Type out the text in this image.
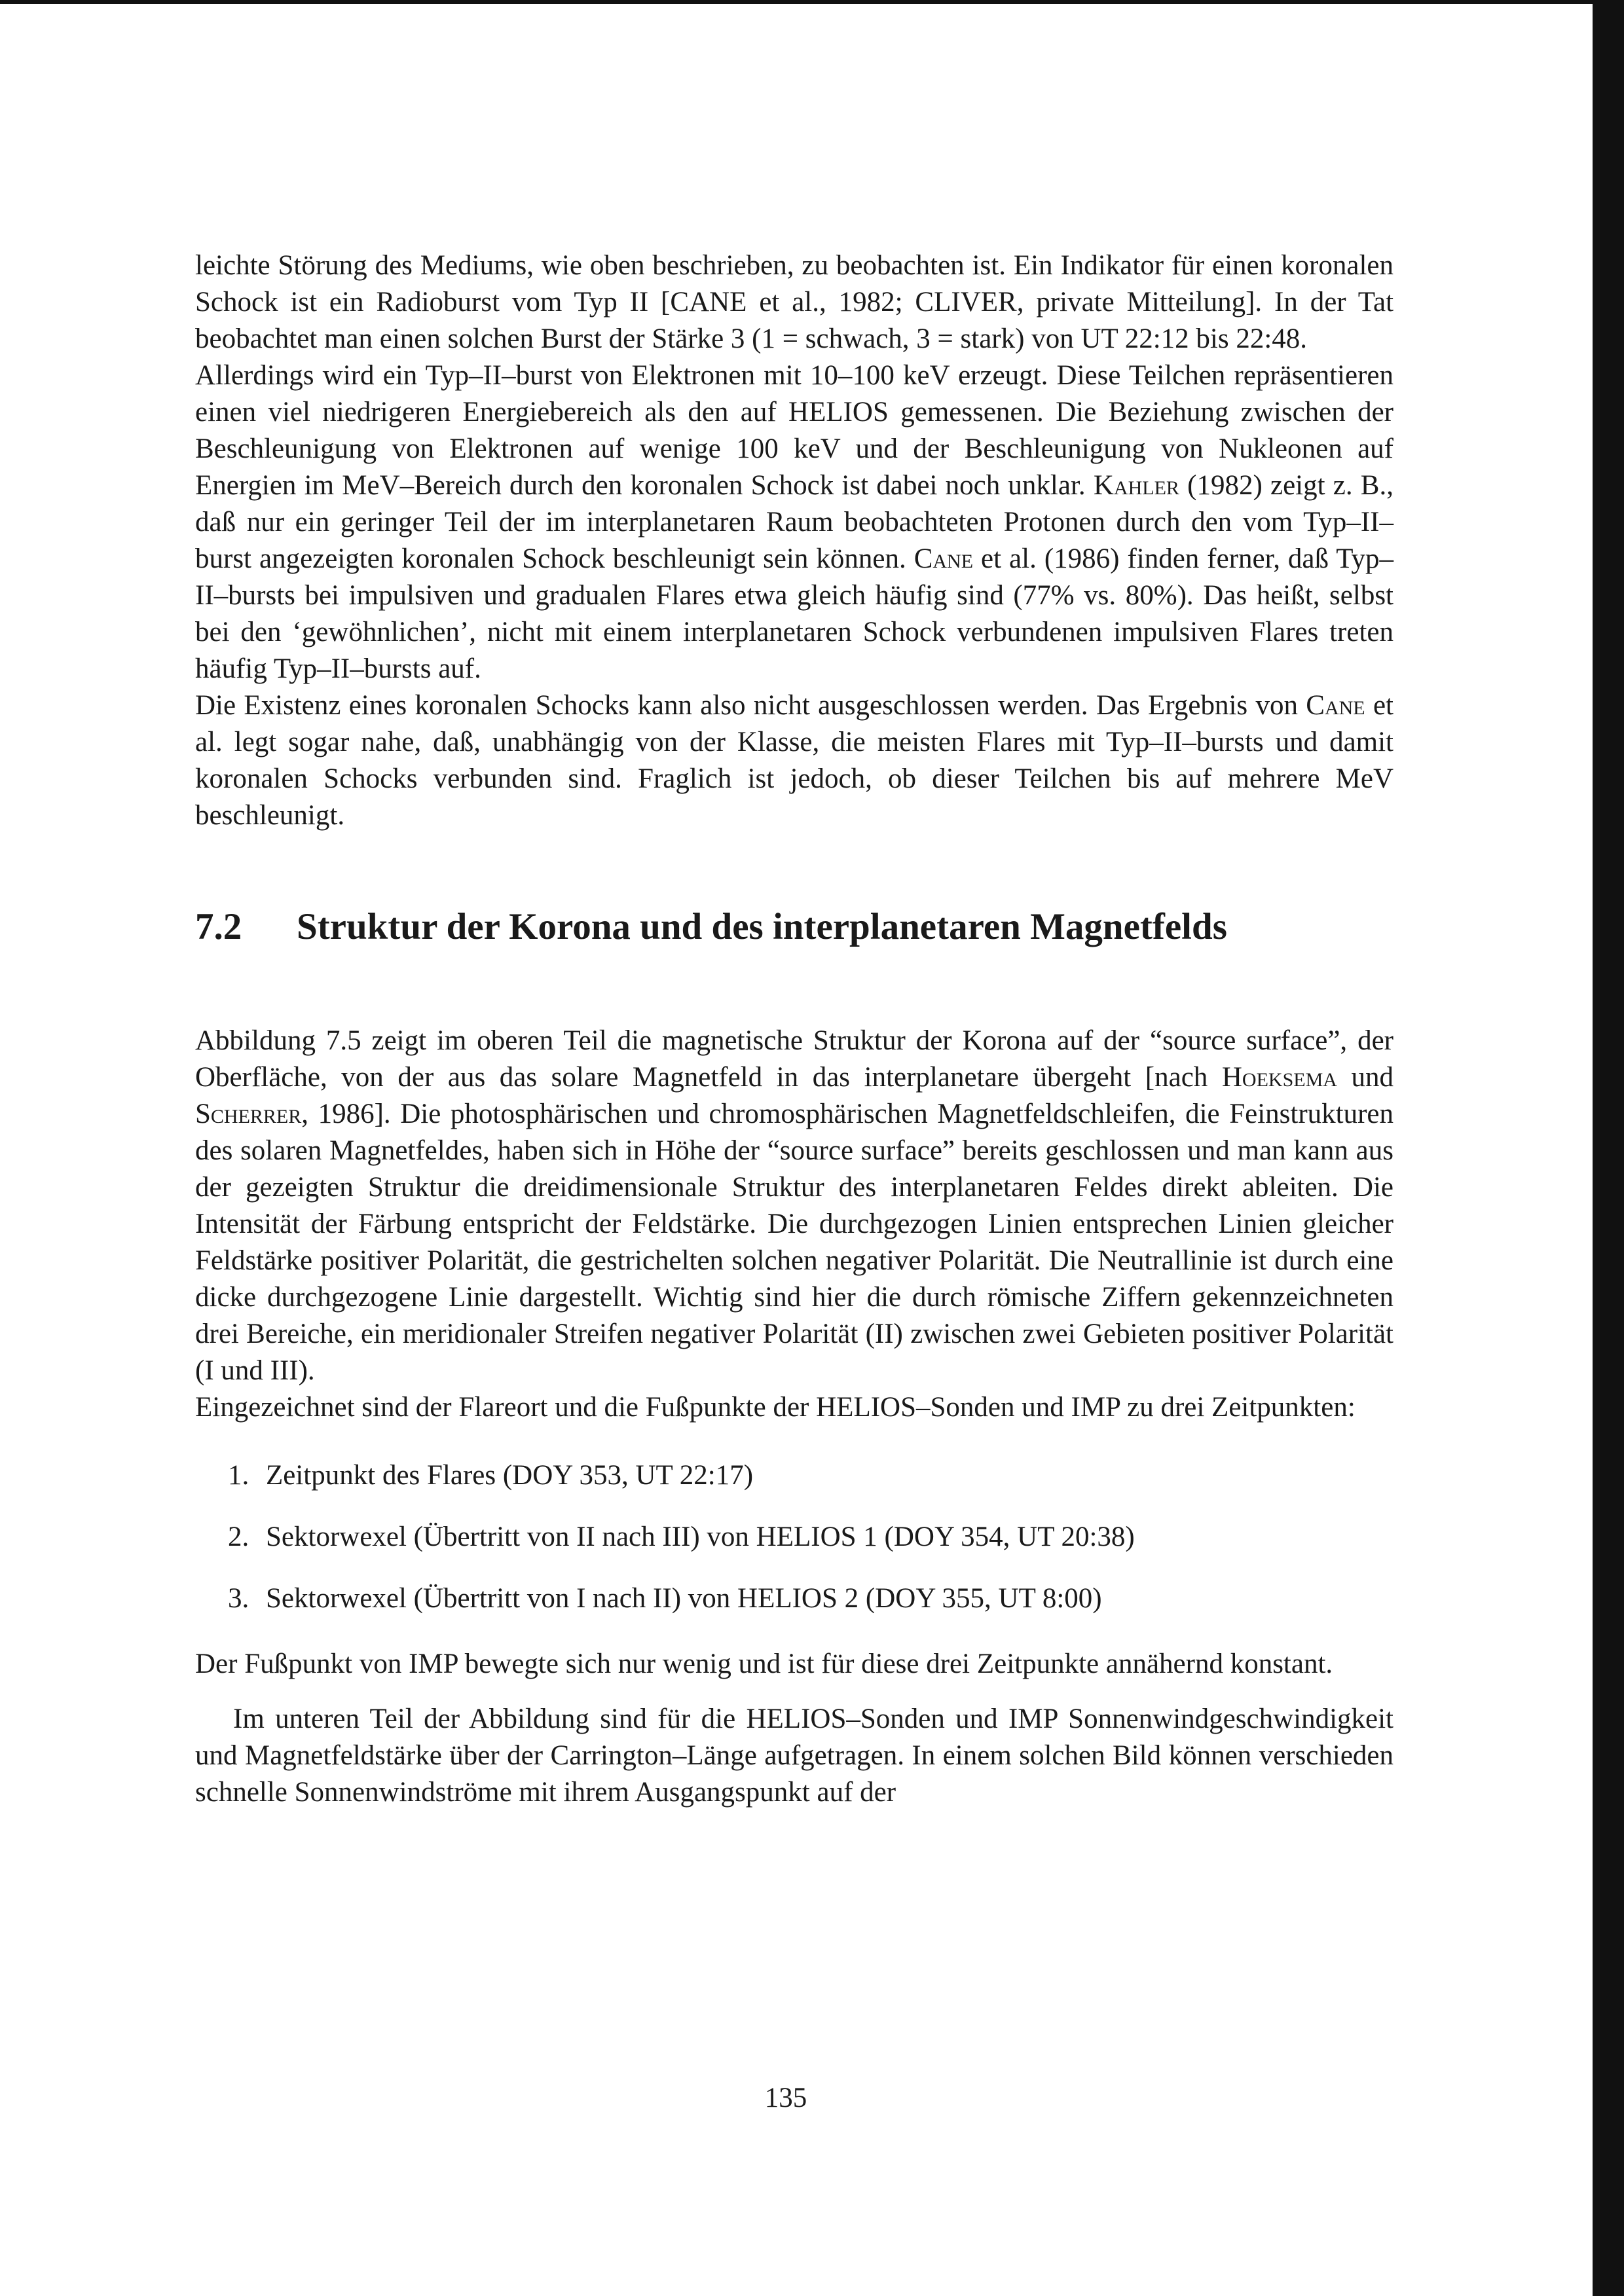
leichte Störung des Mediums, wie oben beschrieben, zu beobachten ist. Ein Indikator für einen koronalen Schock ist ein Radioburst vom Typ II [CANE et al., 1982; CLIVER, private Mitteilung]. In der Tat beobachtet man einen solchen Burst der Stärke 3 (1 = schwach, 3 = stark) von UT 22:12 bis 22:48.

Allerdings wird ein Typ–II–burst von Elektronen mit 10–100 keV erzeugt. Diese Teilchen repräsentieren einen viel niedrigeren Energiebereich als den auf HELIOS gemessenen. Die Beziehung zwischen der Beschleunigung von Elektronen auf wenige 100 keV und der Beschleunigung von Nukleonen auf Energien im MeV–Bereich durch den koronalen Schock ist dabei noch unklar. Kahler (1982) zeigt z. B., daß nur ein geringer Teil der im interplanetaren Raum beobachteten Protonen durch den vom Typ–II–burst angezeigten koronalen Schock beschleunigt sein können. Cane et al. (1986) finden ferner, daß Typ–II–bursts bei impulsiven und gradualen Flares etwa gleich häufig sind (77% vs. 80%). Das heißt, selbst bei den ‘gewöhnlichen’, nicht mit einem interplanetaren Schock verbundenen impulsiven Flares treten häufig Typ–II–bursts auf.

Die Existenz eines koronalen Schocks kann also nicht ausgeschlossen werden. Das Ergebnis von Cane et al. legt sogar nahe, daß, unabhängig von der Klasse, die meisten Flares mit Typ–II–bursts und damit koronalen Schocks verbunden sind. Fraglich ist jedoch, ob dieser Teilchen bis auf mehrere MeV beschleunigt.

7.2	Struktur der Korona und des interplanetaren Magnetfelds

Abbildung 7.5 zeigt im oberen Teil die magnetische Struktur der Korona auf der “source surface”, der Oberfläche, von der aus das solare Magnetfeld in das interplanetare übergeht [nach Hoeksema und Scherrer, 1986]. Die photosphärischen und chromosphärischen Magnetfeldschleifen, die Feinstrukturen des solaren Magnetfeldes, haben sich in Höhe der “source surface” bereits geschlossen und man kann aus der gezeigten Struktur die dreidimensionale Struktur des interplanetaren Feldes direkt ableiten. Die Intensität der Färbung entspricht der Feldstärke. Die durchgezogen Linien entsprechen Linien gleicher Feldstärke positiver Polarität, die gestrichelten solchen negativer Polarität. Die Neutrallinie ist durch eine dicke durchgezogene Linie dargestellt. Wichtig sind hier die durch römische Ziffern gekennzeichneten drei Bereiche, ein meridionaler Streifen negativer Polarität (II) zwischen zwei Gebieten positiver Polarität (I und III).

Eingezeichnet sind der Flareort und die Fußpunkte der HELIOS–Sonden und IMP zu drei Zeitpunkten:

1. Zeitpunkt des Flares (DOY 353, UT 22:17)
2. Sektorwexel (Übertritt von II nach III) von HELIOS 1 (DOY 354, UT 20:38)
3. Sektorwexel (Übertritt von I nach II) von HELIOS 2 (DOY 355, UT 8:00)

Der Fußpunkt von IMP bewegte sich nur wenig und ist für diese drei Zeitpunkte annähernd konstant.

Im unteren Teil der Abbildung sind für die HELIOS–Sonden und IMP Sonnenwindgeschwindigkeit und Magnetfeldstärke über der Carrington–Länge aufgetragen. In einem solchen Bild können verschieden schnelle Sonnenwindströme mit ihrem Ausgangspunkt auf der

135
